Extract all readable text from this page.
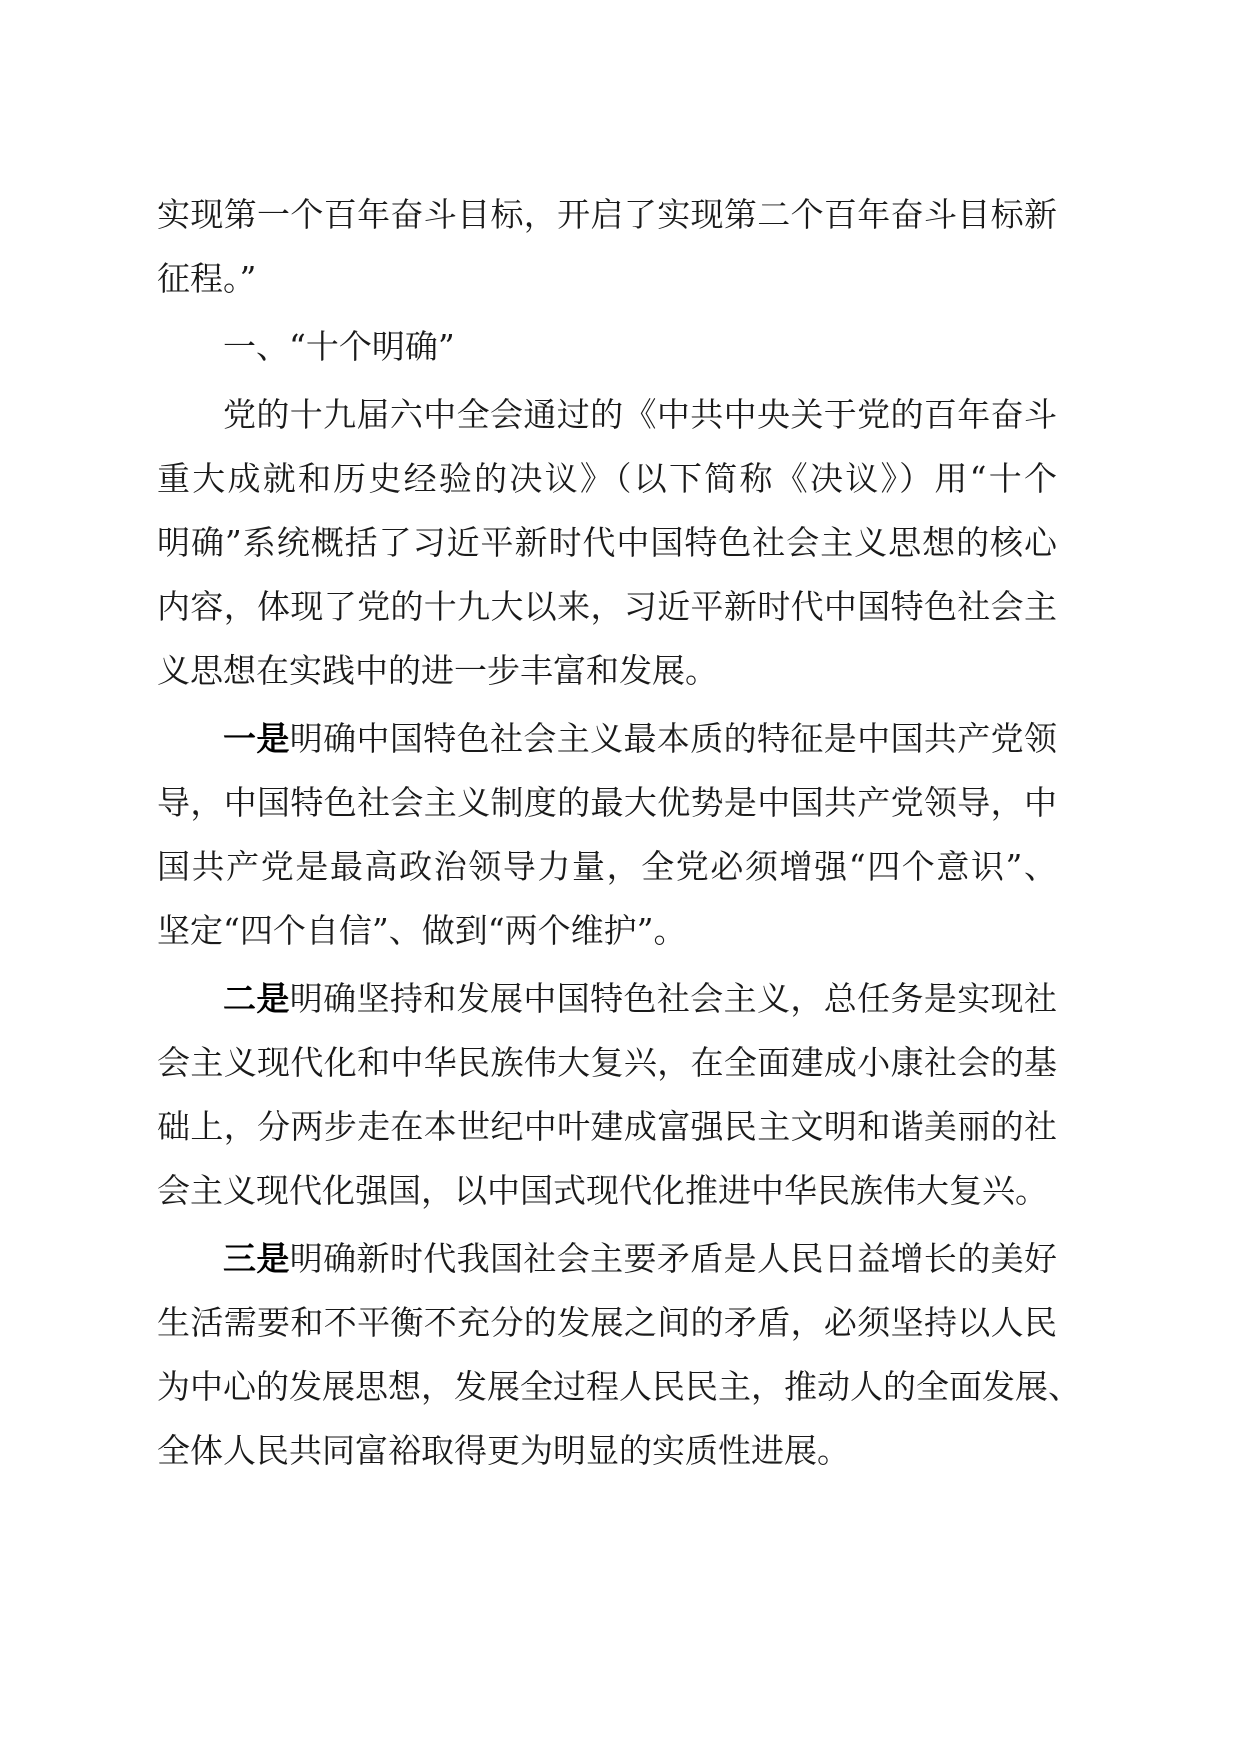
实现第一个百年奋斗目标，开启了实现第二个百年奋斗目标新
征程。”
一、“十个明确”
党的十九届六中全会通过的《中共中央关于党的百年奋斗
重大成就和历史经验的决议》（以下简称《决议》）用“十个
明确”系统概括了习近平新时代中国特色社会主义思想的核心
内容，体现了党的十九大以来，习近平新时代中国特色社会主
义思想在实践中的进一步丰富和发展。
一是明确中国特色社会主义最本质的特征是中国共产党领
导，中国特色社会主义制度的最大优势是中国共产党领导，中
国共产党是最高政治领导力量，全党必须增强“四个意识”、
坚定“四个自信”、做到“两个维护”。
二是明确坚持和发展中国特色社会主义，总任务是实现社
会主义现代化和中华民族伟大复兴，在全面建成小康社会的基
础上，分两步走在本世纪中叶建成富强民主文明和谐美丽的社
会主义现代化强国，以中国式现代化推进中华民族伟大复兴。
三是明确新时代我国社会主要矛盾是人民日益增长的美好
生活需要和不平衡不充分的发展之间的矛盾，必须坚持以人民
为中心的发展思想，发展全过程人民民主，推动人的全面发展、
全体人民共同富裕取得更为明显的实质性进展。
